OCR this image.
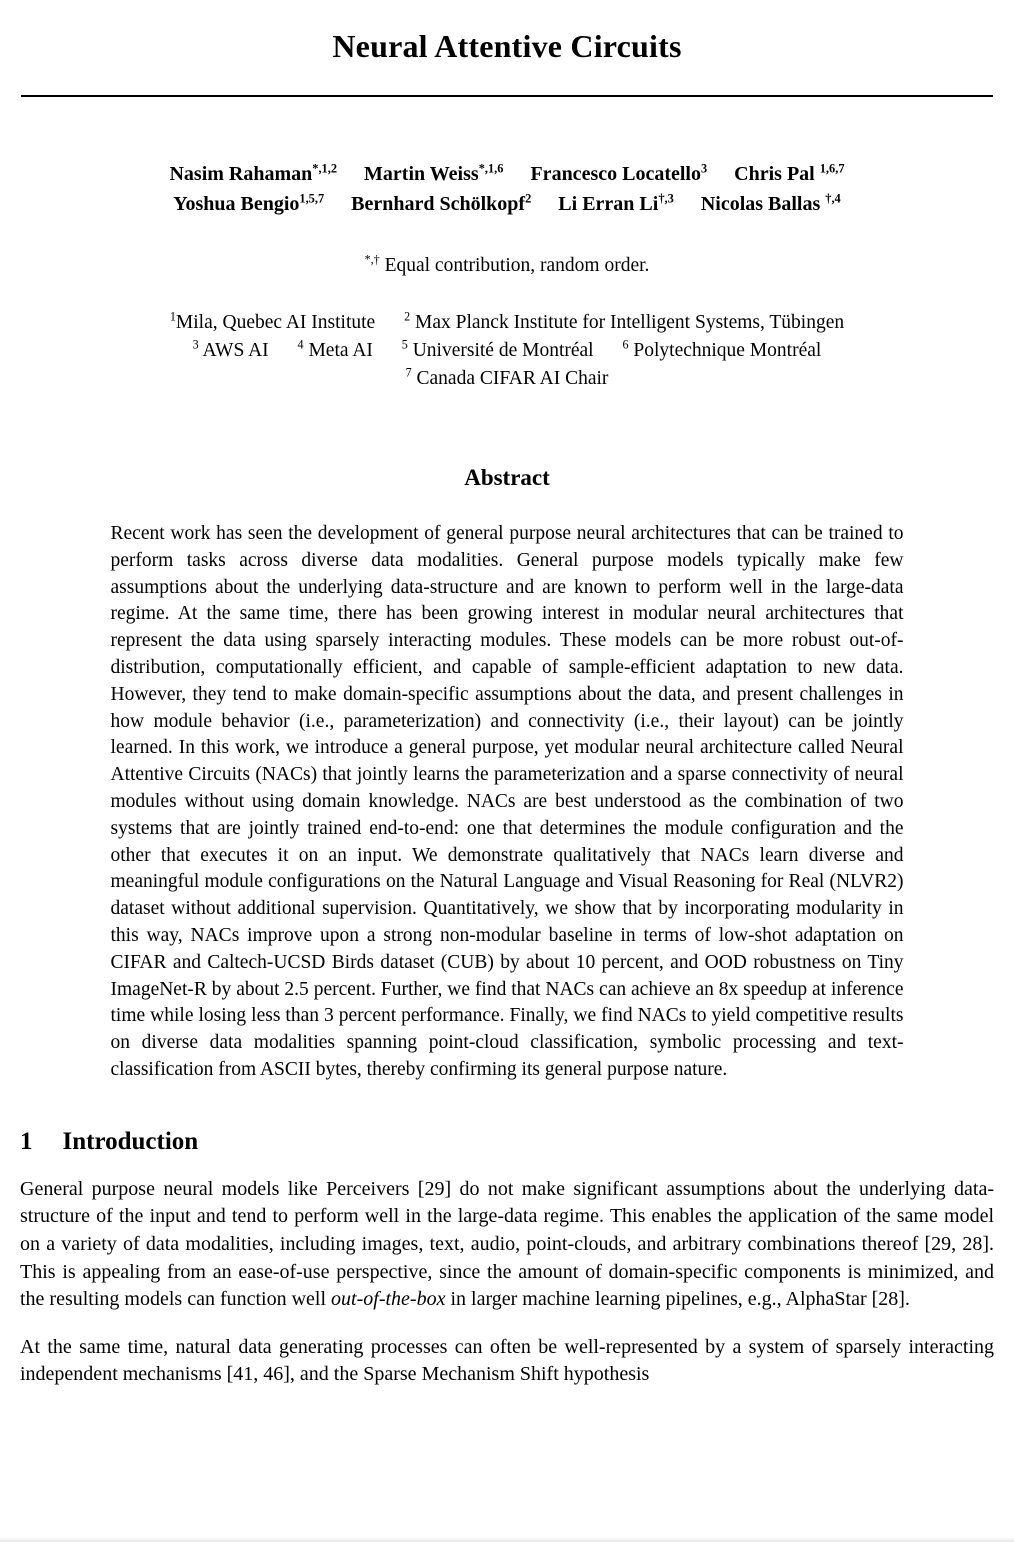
Neural Attentive Circuits
Nasim Rahaman$^{*,1,2}$ Martin Weiss$^{*,1,6}$ Francesco Locatello$^3$ Chris Pal $^{1,6,7}$
Yoshua Bengio$^{1,5,7}$ Bernhard Schölkopf$^2$ Li Erran $Li^{\dagger,3}$ Nicolas Ballas $^{\dagger,4}$
*,† Equal contribution, random order.
$^1$Mila, Quebec AI Institute $^2$ Max Planck Institute for Intelligent Systems, Tübingen
$^3$ AWS AI $^4$ Meta AI $^5$ Université de Montréal $^6$ Polytechnique Montréal
$^7$ Canada CIFAR AI Chair
Abstract

Recent work has seen the development of general purpose neural architectures that can be trained to perform tasks across diverse data modalities. General purpose models typically make few assumptions about the underlying data-structure and are known to perform well in the large-data regime. At the same time, there has been growing interest in modular neural architectures that represent the data using sparsely interacting modules. These models can be more robust out-of-distribution, computationally efficient, and capable of sample-efficient adaptation to new data. However, they tend to make domain-specific assumptions about the data, and present challenges in how module behavior (i.e., parameterization) and connectivity (i.e., their layout) can be jointly learned. In this work, we introduce a general purpose, yet modular neural architecture called Neural Attentive Circuits (NACs) that jointly learns the parameterization and a sparse connectivity of neural modules without using domain knowledge. NACs are best understood as the combination of two systems that are jointly trained end-to-end: one that determines the module configuration and the other that executes it on an input. We demonstrate qualitatively that NACs learn diverse and meaningful module configurations on the Natural Language and Visual Reasoning for Real (NLVR2) dataset without additional supervision. Quantitatively, we show that by incorporating modularity in this way, NACs improve upon a strong non-modular baseline in terms of low-shot adaptation on CIFAR and Caltech-UCSD Birds dataset (CUB) by about 10 percent, and OOD robustness on Tiny ImageNet-R by about 2.5 percent. Further, we find that NACs can achieve an 8x speedup at inference time while losing less than 3 percent performance. Finally, we find NACs to yield competitive results on diverse data modalities spanning point-cloud classification, symbolic processing and text-classification from ASCII bytes, thereby confirming its general purpose nature.

1 Introduction

General purpose neural models like Perceivers [29] do not make significant assumptions about the underlying data-structure of the input and tend to perform well in the large-data regime. This enables the application of the same model on a variety of data modalities, including images, text, audio, point-clouds, and arbitrary combinations thereof [29, 28]. This is appealing from an ease-of-use perspective, since the amount of domain-specific components is minimized, and the resulting models can function well out-of-the-box in larger machine learning pipelines, e.g., AlphaStar [28].

At the same time, natural data generating processes can often be well-represented by a system of sparsely interacting independent mechanisms [41, 46], and the Sparse Mechanism Shift hypothesis
